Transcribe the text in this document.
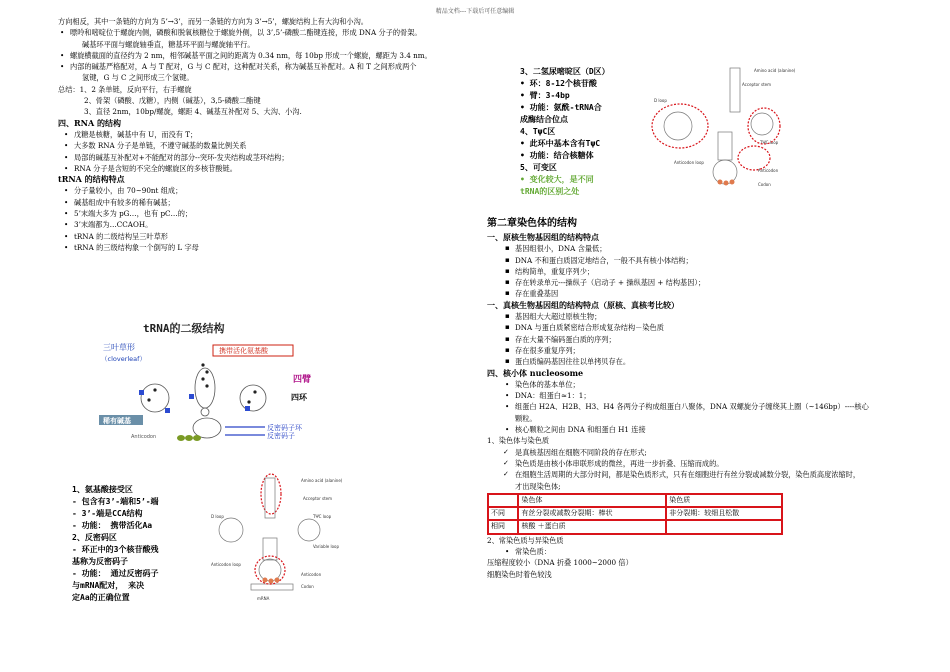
精品文档---下载后可任意编辑
方向相反，其中一条链的方向为 5’→3’，而另一条链的方向为 3’→5’，螺旋结构上有大沟和小沟。
• 嘌呤和嘧啶位于螺旋内侧，磷酸和脱氧核糖位于螺旋外侧，以 3’,5’-磷酸二酯键连接，形成 DNA 分子的骨架。
碱基环平面与螺旋轴垂直，糖基环平面与螺旋轴平行。
• 螺旋横截面的直径约为 2 nm，相邻碱基平面之间的距离为 0.34 nm，每 10bp 形成一个螺旋，螺距为 3.4 nm。
• 内部的碱基严格配对，A 与 T 配对，G 与 C 配对，这种配对关系，称为碱基互补配对。A 和 T 之间形成两个
氢键，G 与 C 之间形成三个氢键。
总结：1、2 条单链，反向平行，右手螺旋
2、骨架（磷酸、戊糖），内侧（碱基），3,5-磷酸二酯键
3、直径 2nm，10bp/螺旋，螺距 4、碱基互补配对 5、大沟、小沟.
四、RNA 的结构
• 戊糖是核糖，碱基中有 U，而没有 T；
• 大多数 RNA 分子是单链，不遵守碱基的数量比例关系
• 局部的碱基互补配对+不能配对的部分--突环-发夹结构或茎环结构；
• RNA 分子是含短的不完全的螺旋区的多核苷酸链。
tRNA 的结构特点
• 分子量较小，由 70~90nt 组成；
• 碱基组成中有较多的稀有碱基；
• 5’末端大多为 pG…，也有 pC…的；
• 3’末端都为…CCAOH。
• tRNA 的二级结构呈三叶草形
• tRNA 的三级结构象一个倒写的 L 字母
tRNA的二级结构
三叶草形
（cloverleaf）
携带活化氨基酸
四臂
四环
稀有碱基
反密码子环
反密码子
Anticodon
1、氨基酸接受区
- 包含有3’-端和5’-端
- 3’-端是CCA结构
- 功能： 携带活化Aa
2、反密码区
- 环正中的3个核苷酸残
基称为反密码子
- 功能： 通过反密码子
与mRNA配对， 来决
定Aa的正确位置
Amino acid (alanine)
Acceptor stem
D loop	TΨC loop
Variable loop
Anticodon loop
Anticodon
Codon
mRNA
3、二氢尿嘧啶区（D区）
• 环：8-12个核苷酸
• 臂：3-4bp
• 功能：氨酰-tRNA合
成酶结合位点
4、TψC区
• 此环中基本含有TψC
• 功能：结合核糖体
5、可变区
• 变化较大，是不同
tRNA的区别之处
Amino acid (alanine)
Acceptor stem
D loop
TΨC loop
Anticodon loop
Anticodon
Codon
第二章染色体的结构
一、原核生物基因组的结构特点
▪ 基因组很小，DNA 含量低；
▪ DNA 不和蛋白质固定地结合，一般不具有核小体结构；
▪ 结构简单，重复序列少；
▪ 存在转录单元---操纵子（启动子 + 操纵基因 + 结构基因）；
▪ 存在重叠基因
一、真核生物基因组的结构特点（原核、真核考比较）
▪ 基因组大大超过原核生物；
▪ DNA 与蛋白质紧密结合形成复杂结构－染色质
▪ 存在大量不编码蛋白质的序列；
▪ 存在很多重复序列；
▪ 蛋白质编码基因往往以单拷贝存在。
四、核小体 nucleosome
• 染色体的基本单位；
• DNA：组蛋白≈1：1；
• 组蛋白 H2A、H2B、H3、H4 各两分子构成组蛋白八聚体，DNA 双螺旋分子缠绕其上圈（~146bp）----核心
颗粒。
• 核心颗粒之间由 DNA 和组蛋白 H1 连接
1、染色体与染色质
✓ 是真核基因组在细胞不同阶段的存在形式;
✓ 染色质是由核小体串联形成的微丝，再进一步折叠、压缩而成的。
✓ 在细胞生活周期的大部分时间，都是染色质形式，只有在细胞进行有丝分裂或减数分裂，染色质高度浓缩时，
才出现染色体;
	染色体	染色质
不同	有丝分裂或减数分裂期：棒状	非分裂期：较细且松散
相同	核酸 ＋蛋白质	
2、常染色质与异染色质
• 常染色质：
压缩程度较小（DNA 折叠 1000~2000 倍）
细胞染色时着色较浅
